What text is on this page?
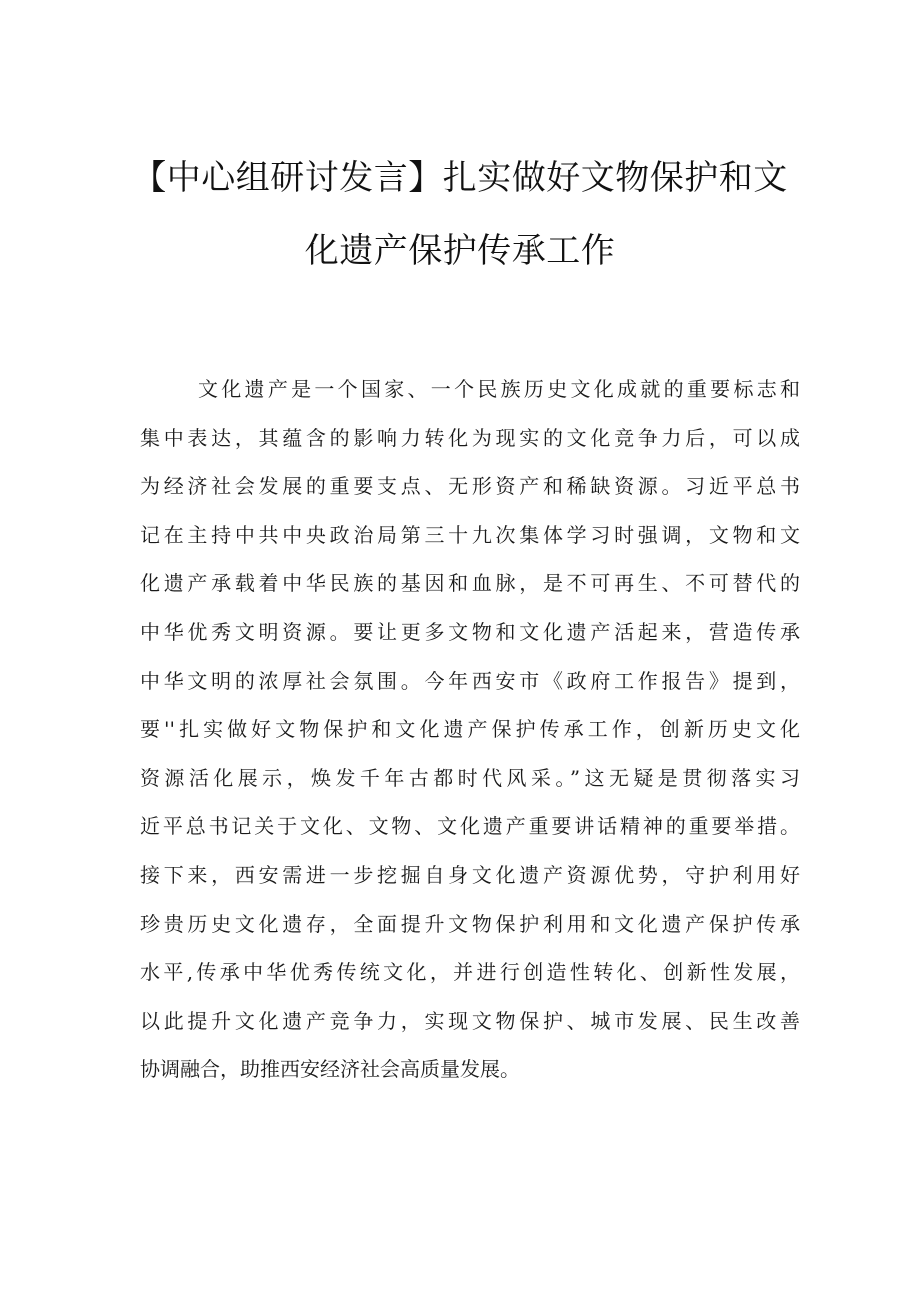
【中心组研讨发言】扎实做好文物保护和文
化遗产保护传承工作
文化遗产是一个国家、一个民族历史文化成就的重要标志和
集中表达，其蕴含的影响力转化为现实的文化竞争力后，可以成
为经济社会发展的重要支点、无形资产和稀缺资源。习近平总书
记在主持中共中央政治局第三十九次集体学习时强调，文物和文
化遗产承载着中华民族的基因和血脉，是不可再生、不可替代的
中华优秀文明资源。要让更多文物和文化遗产活起来，营造传承
中华文明的浓厚社会氛围。今年西安市《政府工作报告》提到，
要''扎实做好文物保护和文化遗产保护传承工作，创新历史文化
资源活化展示，焕发千年古都时代风采。”这无疑是贯彻落实习
近平总书记关于文化、文物、文化遗产重要讲话精神的重要举措。
接下来，西安需进一步挖掘自身文化遗产资源优势，守护利用好
珍贵历史文化遗存，全面提升文物保护利用和文化遗产保护传承
水平,传承中华优秀传统文化，并进行创造性转化、创新性发展，
以此提升文化遗产竞争力，实现文物保护、城市发展、民生改善
协调融合，助推西安经济社会高质量发展。
